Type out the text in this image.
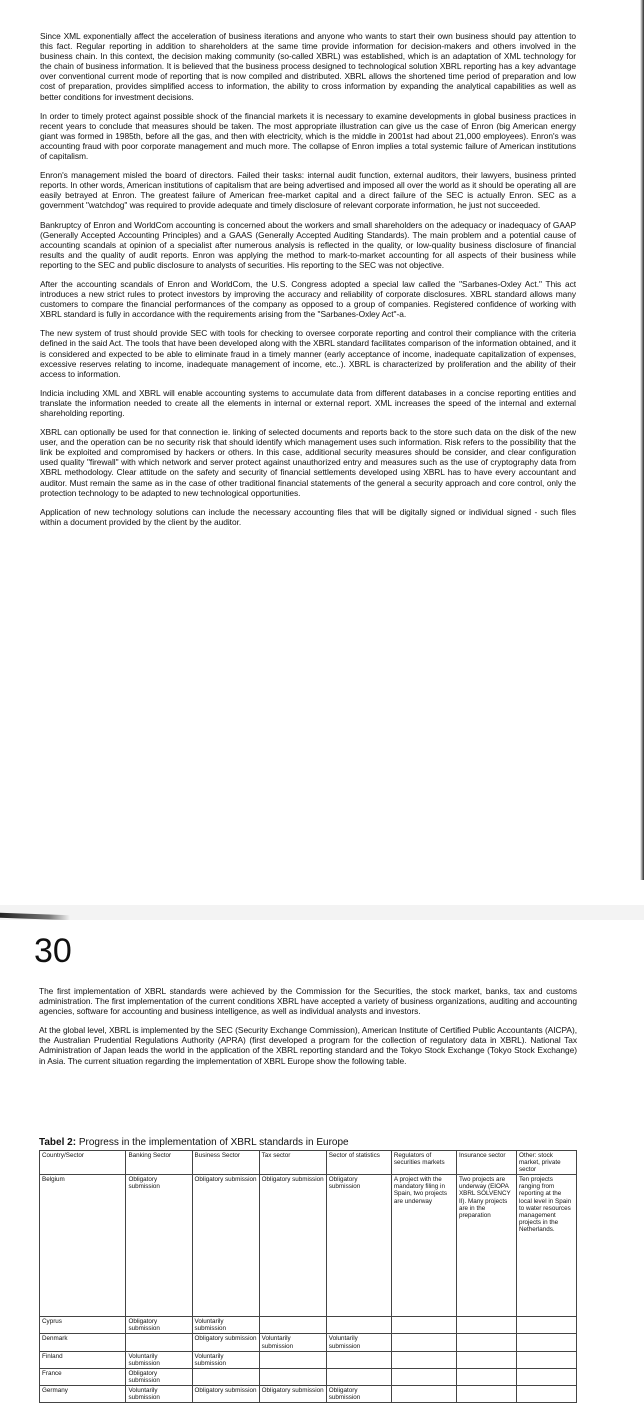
Since XML exponentially affect the acceleration of business iterations and anyone who wants to start their own business should pay attention to this fact. Regular reporting in addition to shareholders at the same time provide information for decision-makers and others involved in the business chain. In this context, the decision making community (so-called XBRL) was established, which is an adaptation of XML technology for the chain of business information. It is believed that the business process designed to technological solution XBRL reporting has a key advantage over conventional current mode of reporting that is now compiled and distributed. XBRL allows the shortened time period of preparation and low cost of preparation, provides simplified access to information, the ability to cross information by expanding the analytical capabilities as well as better conditions for investment decisions.

In order to timely protect against possible shock of the financial markets it is necessary to examine developments in global business practices in recent years to conclude that measures should be taken. The most appropriate illustration can give us the case of Enron (big American energy giant was formed in 1985th, before all the gas, and then with electricity, which is the middle in 2001st had about 21,000 employees). Enron's was accounting fraud with poor corporate management and much more. The collapse of Enron implies a total systemic failure of American institutions of capitalism.

Enron's management misled the board of directors. Failed their tasks: internal audit function, external auditors, their lawyers, business printed reports. In other words, American institutions of capitalism that are being advertised and imposed all over the world as it should be operating all are easily betrayed at Enron. The greatest failure of American free-market capital and a direct failure of the SEC is actually Enron. SEC as a government "watchdog" was required to provide adequate and timely disclosure of relevant corporate information, he just not succeeded.

Bankruptcy of Enron and WorldCom accounting is concerned about the workers and small shareholders on the adequacy or inadequacy of GAAP (Generally Accepted Accounting Principles) and a GAAS (Generally Accepted Auditing Standards). The main problem and a potential cause of accounting scandals at opinion of a specialist after numerous analysis is reflected in the quality, or low-quality business disclosure of financial results and the quality of audit reports. Enron was applying the method to mark-to-market accounting for all aspects of their business while reporting to the SEC and public disclosure to analysts of securities. His reporting to the SEC was not objective.

After the accounting scandals of Enron and WorldCom, the U.S. Congress adopted a special law called the "Sarbanes-Oxley Act." This act introduces a new strict rules to protect investors by improving the accuracy and reliability of corporate disclosures. XBRL standard allows many customers to compare the financial performances of the company as opposed to a group of companies. Registered confidence of working with XBRL standard is fully in accordance with the requirements arising from the "Sarbanes-Oxley Act"-a.

The new system of trust should provide SEC with tools for checking to oversee corporate reporting and control their compliance with the criteria defined in the said Act. The tools that have been developed along with the XBRL standard facilitates comparison of the information obtained, and it is considered and expected to be able to eliminate fraud in a timely manner (early acceptance of income, inadequate capitalization of expenses, excessive reserves relating to income, inadequate management of income, etc..). XBRL is characterized by proliferation and the ability of their access to information.

Indicia including XML and XBRL will enable accounting systems to accumulate data from different databases in a concise reporting entities and translate the information needed to create all the elements in internal or external report. XML increases the speed of the internal and external shareholding reporting.

XBRL can optionally be used for that connection ie. linking of selected documents and reports back to the store such data on the disk of the new user, and the operation can be no security risk that should identify which management uses such information. Risk refers to the possibility that the link be exploited and compromised by hackers or others. In this case, additional security measures should be consider, and clear configuration used quality "firewall" with which network and server protect against unauthorized entry and measures such as the use of cryptography data from XBRL methodology. Clear attitude on the safety and security of financial settlements developed using XBRL has to have every accountant and auditor. Must remain the same as in the case of other traditional financial statements of the general a security approach and core control, only the protection technology to be adapted to new technological opportunities.

Application of new technology solutions can include the necessary accounting files that will be digitally signed or individual signed - such files within a document provided by the client by the auditor.

30

The first implementation of XBRL standards were achieved by the Commission for the Securities, the stock market, banks, tax and customs administration. The first implementation of the current conditions XBRL have accepted a variety of business organizations, auditing and accounting agencies, software for accounting and business intelligence, as well as individual analysts and investors.

At the global level, XBRL is implemented by the SEC (Security Exchange Commission), American Institute of Certified Public Accountants (AICPA), the Australian Prudential Regulations Authority (APRA) (first developed a program for the collection of regulatory data in XBRL). National Tax Administration of Japan leads the world in the application of the XBRL reporting standard and the Tokyo Stock Exchange (Tokyo Stock Exchange) in Asia. The current situation regarding the implementation of XBRL Europe show the following table.

Tabel 2: Progress in the implementation of XBRL standards in Europe
Country/Sector	Banking Sector	Business Sector	Tax sector	Sector of statistics	Regulators of securities markets	Insurance sector	Other: stock market, private sector
Belgium	Obligatory submission	Obligatory submission	Obligatory submission	Obligatory submission	A project with the mandatory filing in Spain, two projects are underway	Two projects are underway (EIOPA XBRL SOLVENCY II). Many projects are in the preparation	Ten projects ranging from reporting at the local level in Spain to water resources management projects in the Netherlands.
Cyprus	Obligatory submission	Voluntarily submission					
Denmark		Obligatory submission	Voluntarily submission	Voluntarily submission			
Finland	Voluntarily submission	Voluntarily submission					
France	Obligatory submission						
Germany	Voluntarily submission	Obligatory submission	Obligatory submission	Obligatory submission			
